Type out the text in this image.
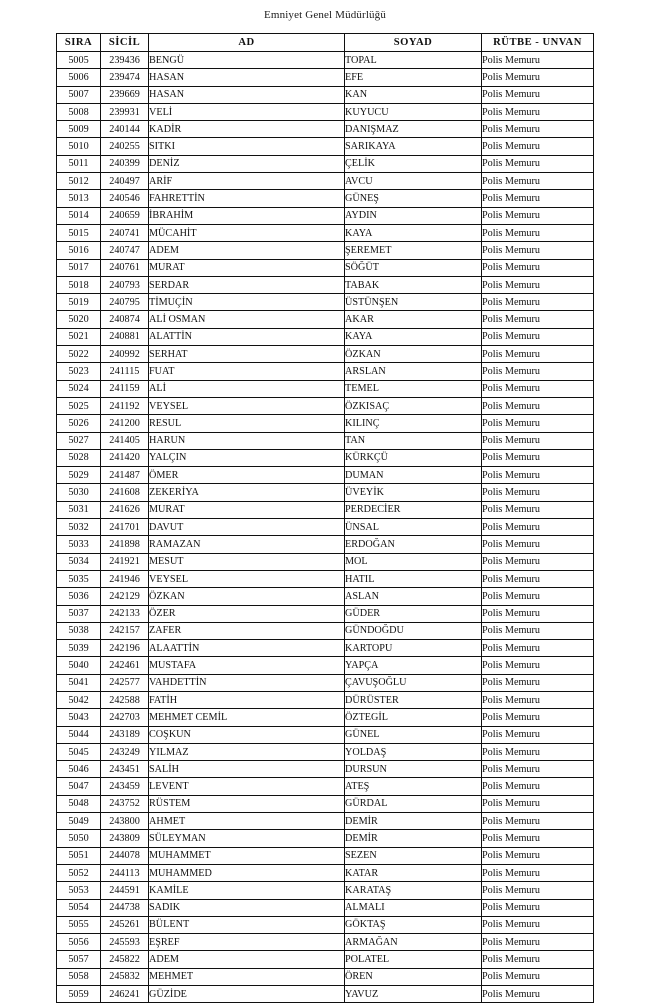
Emniyet Genel Müdürlüğü
SIRA	SİCİL	AD	SOYAD	RÜTBE - UNVAN
5005	239436	BENGÜ	TOPAL	Polis Memuru
5006	239474	HASAN	EFE	Polis Memuru
5007	239669	HASAN	KAN	Polis Memuru
5008	239931	VELİ	KUYUCU	Polis Memuru
5009	240144	KADİR	DANIŞMAZ	Polis Memuru
5010	240255	SITKI	SARIKAYA	Polis Memuru
5011	240399	DENİZ	ÇELİK	Polis Memuru
5012	240497	ARİF	AVCU	Polis Memuru
5013	240546	FAHRETTİN	GÜNEŞ	Polis Memuru
5014	240659	İBRAHİM	AYDIN	Polis Memuru
5015	240741	MÜCAHİT	KAYA	Polis Memuru
5016	240747	ADEM	ŞEREMET	Polis Memuru
5017	240761	MURAT	SÖĞÜT	Polis Memuru
5018	240793	SERDAR	TABAK	Polis Memuru
5019	240795	TİMUÇİN	ÜSTÜNŞEN	Polis Memuru
5020	240874	ALİ OSMAN	AKAR	Polis Memuru
5021	240881	ALATTİN	KAYA	Polis Memuru
5022	240992	SERHAT	ÖZKAN	Polis Memuru
5023	241115	FUAT	ARSLAN	Polis Memuru
5024	241159	ALİ	TEMEL	Polis Memuru
5025	241192	VEYSEL	ÖZKISAÇ	Polis Memuru
5026	241200	RESUL	KILINÇ	Polis Memuru
5027	241405	HARUN	TAN	Polis Memuru
5028	241420	YALÇIN	KÜRKÇÜ	Polis Memuru
5029	241487	ÖMER	DUMAN	Polis Memuru
5030	241608	ZEKERİYA	ÜVEYİK	Polis Memuru
5031	241626	MURAT	PERDECİER	Polis Memuru
5032	241701	DAVUT	ÜNSAL	Polis Memuru
5033	241898	RAMAZAN	ERDOĞAN	Polis Memuru
5034	241921	MESUT	MOL	Polis Memuru
5035	241946	VEYSEL	HATIL	Polis Memuru
5036	242129	ÖZKAN	ASLAN	Polis Memuru
5037	242133	ÖZER	GÜDER	Polis Memuru
5038	242157	ZAFER	GÜNDOĞDU	Polis Memuru
5039	242196	ALAATTİN	KARTOPU	Polis Memuru
5040	242461	MUSTAFA	YAPÇA	Polis Memuru
5041	242577	VAHDETTİN	ÇAVUŞOĞLU	Polis Memuru
5042	242588	FATİH	DÜRÜSTER	Polis Memuru
5043	242703	MEHMET CEMİL	ÖZTEGİL	Polis Memuru
5044	243189	COŞKUN	GÜNEL	Polis Memuru
5045	243249	YILMAZ	YOLDAŞ	Polis Memuru
5046	243451	SALİH	DURSUN	Polis Memuru
5047	243459	LEVENT	ATEŞ	Polis Memuru
5048	243752	RÜSTEM	GÜRDAL	Polis Memuru
5049	243800	AHMET	DEMİR	Polis Memuru
5050	243809	SÜLEYMAN	DEMİR	Polis Memuru
5051	244078	MUHAMMET	SEZEN	Polis Memuru
5052	244113	MUHAMMED	KATAR	Polis Memuru
5053	244591	KAMİLE	KARATAŞ	Polis Memuru
5054	244738	SADIK	ALMALI	Polis Memuru
5055	245261	BÜLENT	GÖKTAŞ	Polis Memuru
5056	245593	EŞREF	ARMAĞAN	Polis Memuru
5057	245822	ADEM	POLATEL	Polis Memuru
5058	245832	MEHMET	ÖREN	Polis Memuru
5059	246241	GÜZİDE	YAVUZ	Polis Memuru
